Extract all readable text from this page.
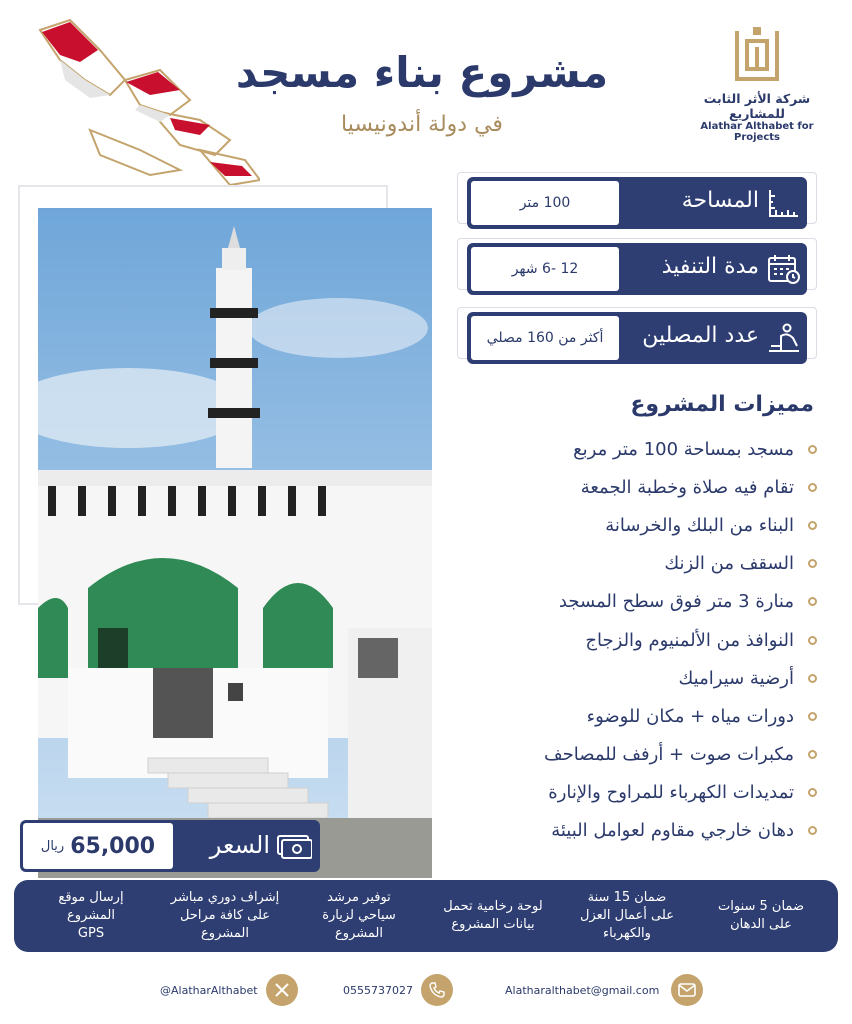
مشروع بناء مسجد
في دولة أندونيسيا
شركة الأثر الثابت للمشاريع
Alathar Althabet for Projects
المساحة
100 متر
مدة التنفيذ
12 -6 شهر
عدد المصلين
أكثر من 160 مصلي
مميزات المشروع
مسجد بمساحة 100 متر مربع
تقام فيه صلاة وخطبة الجمعة
البناء من البلك والخرسانة
السقف من الزنك
منارة 3 متر فوق سطح المسجد
النوافذ من الألمنيوم والزجاج
أرضية سيراميك
دورات مياه + مكان للوضوء
مكبرات صوت + أرفف للمصاحف
تمديدات الكهرباء للمراوح والإنارة
دهان خارجي مقاوم لعوامل البيئة
السعر
65,000
ريال
ضمان 5 سنوات
على الدهان
ضمان 15 سنة
على أعمال العزل
والكهرباء
لوحة رخامية تحمل
بيانات المشروع
توفير مرشد
سياحي لزيارة
المشروع
إشراف دوري مباشر
على كافة مراحل
المشروع
إرسال موقع
المشروع
GPS
Alatharalthabet@gmail.com
0555737027
@AlatharAlthabet
